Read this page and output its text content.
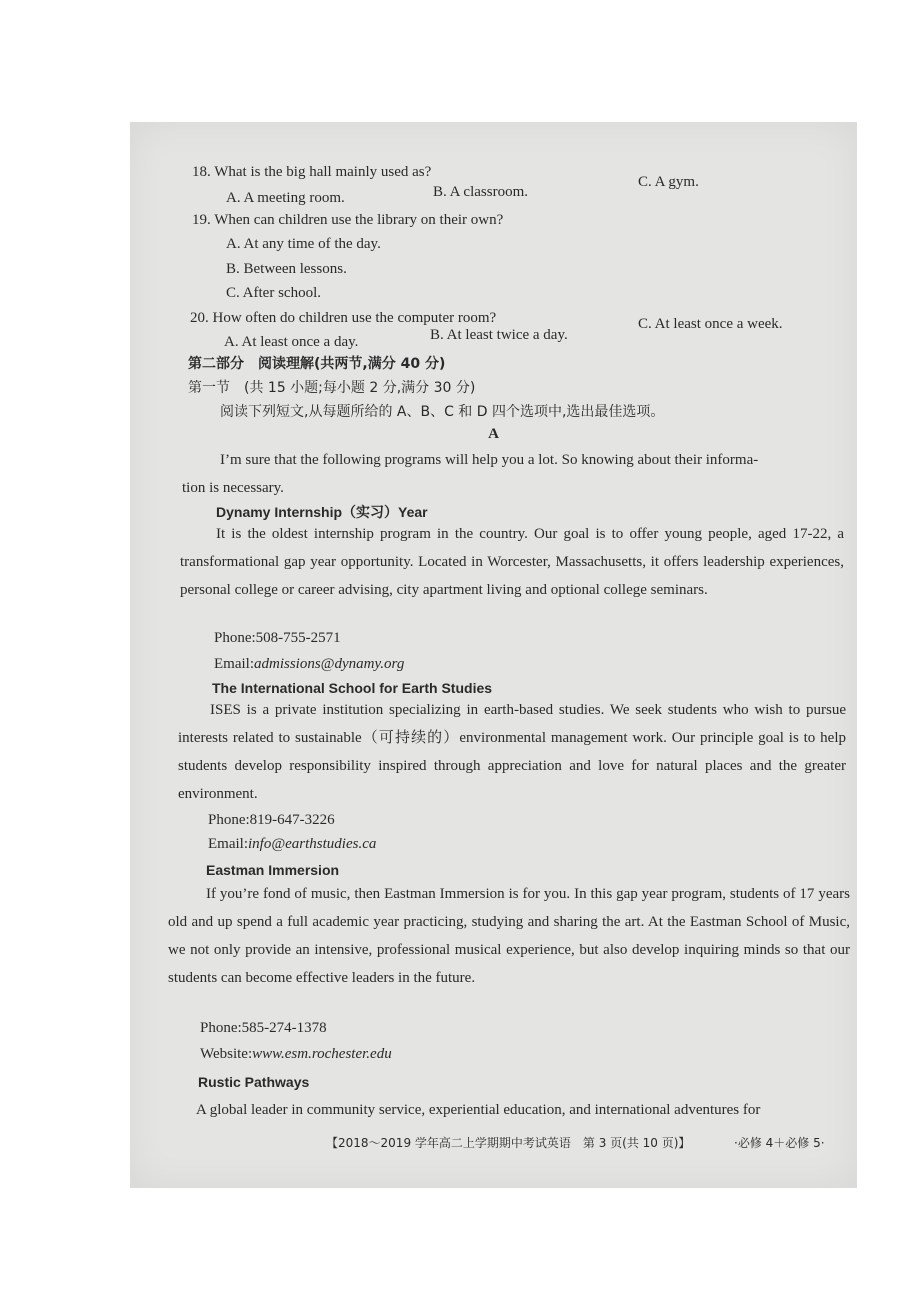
18. What is the big hall mainly used as?
A. A meeting room.	B. A classroom.
C. A gym.
19. When can children use the library on their own?
A. At any time of the day.
B. Between lessons.
C. After school.
20. How often do children use the computer room?
A. At least once a day.	B. At least twice a day.
C. At least once a week.
第二部分　阅读理解(共两节,满分 40 分)
第一节　(共 15 小题;每小题 2 分,满分 30 分)
阅读下列短文,从每题所给的 A、B、C 和 D 四个选项中,选出最佳选项。
A
I’m sure that the following programs will help you a lot. So knowing about their informa-
tion is necessary.
Dynamy Internship（实习）Year
It is the oldest internship program in the country. Our goal is to offer young people, aged 17-22, a transformational gap year opportunity. Located in Worcester, Massachusetts, it offers leadership experiences, personal college or career advising, city apartment living and optional college seminars.
Phone:508-755-2571
Email:admissions@dynamy.org
The International School for Earth Studies
ISES is a private institution specializing in earth-based studies. We seek students who wish to pursue interests related to sustainable（可持续的）environmental management work. Our principle goal is to help students develop responsibility inspired through appreciation and love for natural places and the greater environment.
Phone:819-647-3226
Email:info@earthstudies.ca
Eastman Immersion
If you’re fond of music, then Eastman Immersion is for you. In this gap year program, students of 17 years old and up spend a full academic year practicing, studying and sharing the art. At the Eastman School of Music, we not only provide an intensive, professional musical experience, but also develop inquiring minds so that our students can become effective leaders in the future.
Phone:585-274-1378
Website:www.esm.rochester.edu
Rustic Pathways
A global leader in community service, experiential education, and international adventures for
【2018～2019 学年高二上学期期中考试英语　第 3 页(共 10 页)】	·必修 4＋必修 5·
